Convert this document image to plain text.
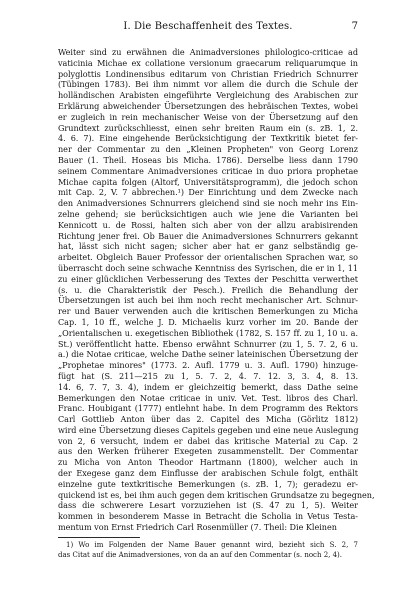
I. Die Beschaffenheit des Textes.	7
Weiter sind zu erwähnen die Animadversiones philologico-criticae ad
vaticinia Michae ex collatione versionum graecarum reliquarumque in
polyglottis Londinensibus editarum von Christian Friedrich Schnurrer
(Tübingen 1783). Bei ihm nimmt vor allem die durch die Schule der
holländischen Arabisten eingeführte Vergleichung des Arabischen zur
Erklärung abweichender Übersetzungen des hebräischen Textes, wobei
er zugleich in rein mechanischer Weise von der Übersetzung auf den
Grundtext zurückschliesst, einen sehr breiten Raum ein (s. zB. 1, 2.
4. 6. 7). Eine eingehende Berücksichtigung der Textkritik bietet fer-
ner der Commentar zu den „Kleinen Propheten" von Georg Lorenz
Bauer (1. Theil. Hoseas bis Micha. 1786). Derselbe liess dann 1790
seinem Commentare Animadversiones criticae in duo priora prophetae
Michae capita folgen (Altorf, Universitätsprogramm), die jedoch schon
mit Cap. 2, V. 7 abbrechen.¹) Der Einrichtung und dem Zwecke nach
den Animadversiones Schnurrers gleichend sind sie noch mehr ins Ein-
zelne gehend; sie berücksichtigen auch wie jene die Varianten bei
Kennicott u. de Rossi, halten sich aber von der allzu arabisirenden
Richtung jener frei. Ob Bauer die Animadversiones Schnurrers gekannt
hat, lässt sich nicht sagen; sicher aber hat er ganz selbständig ge-
arbeitet. Obgleich Bauer Professor der orientalischen Sprachen war, so
überrascht doch seine schwache Kenntniss des Syrischen, die er in 1, 11
zu einer glücklichen Verbesserung des Textes der Peschitta verwerthet
(s. u. die Charakteristik der Pesch.). Freilich die Behandlung der
Übersetzungen ist auch bei ihm noch recht mechanischer Art. Schnur-
rer und Bauer verwenden auch die kritischen Bemerkungen zu Micha
Cap. 1, 10 ff., welche J. D. Michaelis kurz vorher im 20. Bande der
„Orientalischen u. exegetischen Bibliothek (1782, S. 157 ff. zu 1, 10 u. a.
St.) veröffentlicht hatte. Ebenso erwähnt Schnurrer (zu 1, 5. 7. 2, 6 u.
a.) die Notae criticae, welche Dathe seiner lateinischen Übersetzung der
„Prophetae minores" (1773. 2. Aufl. 1779 u. 3. Aufl. 1790) hinzuge-
fügt hat (S. 211—215 zu 1, 5. 7. 2, 4. 7. 12. 3, 3. 4, 8. 13.
14. 6, 7. 7, 3. 4), indem er gleichzeitig bemerkt, dass Dathe seine
Bemerkungen den Notae criticae in univ. Vet. Test. libros des Charl.
Franc. Houbigant (1777) entlehnt habe. In dem Programm des Rektors
Carl Gottlieb Anton über das 2. Capitel des Micha (Görlitz 1812)
wird eine Übersetzung dieses Capitels gegeben und eine neue Auslegung
von 2, 6 versucht, indem er dabei das kritische Material zu Cap. 2
aus den Werken früherer Exegeten zusammenstellt. Der Commentar
zu Micha von Anton Theodor Hartmann (1800), welcher auch in
der Exegese ganz dem Einflusse der arabischen Schule folgt, enthält
einzelne gute textkritische Bemerkungen (s. zB. 1, 7); geradezu er-
quickend ist es, bei ihm auch gegen dem kritischen Grundsatze zu begegnen,
dass die schwerere Lesart vorzuziehen ist (S. 47 zu 1, 5). Weiter
kommen in besonderem Masse in Betracht die Scholia in Vetus Testa-
mentum von Ernst Friedrich Carl Rosenmüller (7. Theil: Die Kleinen
1) Wo im Folgenden der Name Bauer genannt wird, bezieht sich S. 2, 7
das Citat auf die Animadversiones, von da an auf den Commentar (s. noch 2, 4).
